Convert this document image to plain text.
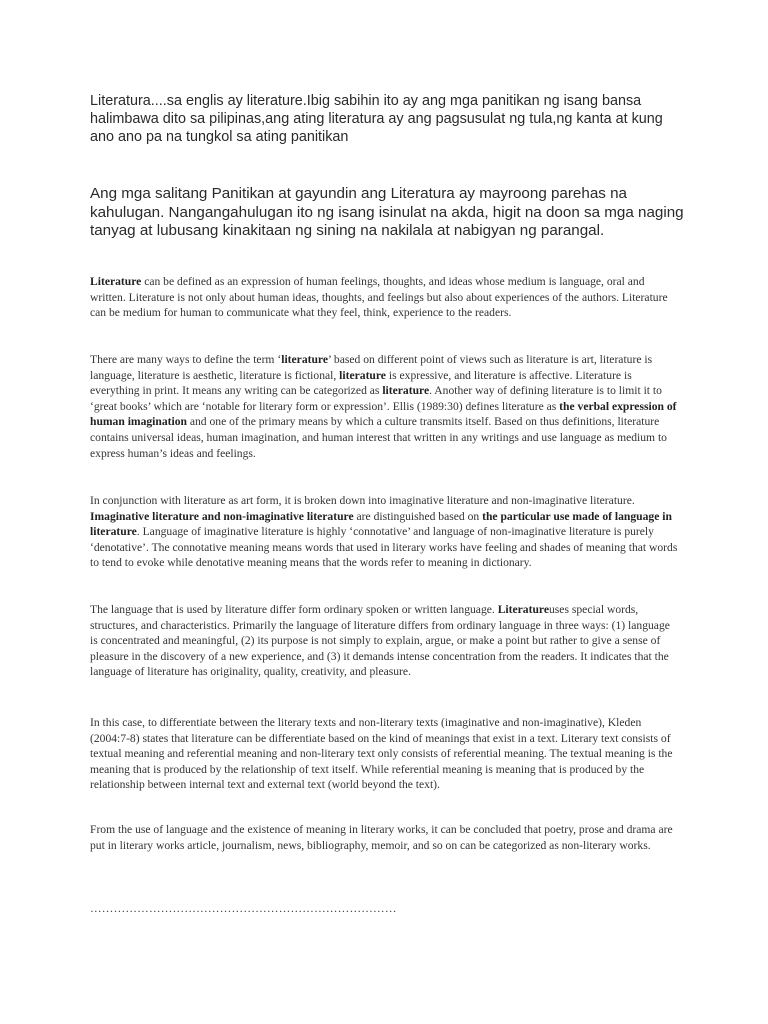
Literatura....sa englis ay literature.Ibig sabihin ito ay ang mga panitikan ng isang bansa halimbawa dito sa pilipinas,ang ating literatura ay ang pagsusulat ng tula,ng kanta at kung ano ano pa na tungkol sa ating panitikan

Ang mga salitang Panitikan at gayundin ang Literatura ay mayroong parehas na kahulugan. Nangangahulugan ito ng isang isinulat na akda, higit na doon sa mga naging tanyag at lubusang kinakitaan ng sining na nakilala at nabigyan ng parangal.

Literature can be defined as an expression of human feelings, thoughts, and ideas whose medium is language, oral and written. Literature is not only about human ideas, thoughts, and feelings but also about experiences of the authors. Literature can be medium for human to communicate what they feel, think, experience to the readers.

There are many ways to define the term ‘literature’ based on different point of views such as literature is art, literature is language, literature is aesthetic, literature is fictional, literature is expressive, and literature is affective. Literature is everything in print. It means any writing can be categorized as literature. Another way of defining literature is to limit it to ‘great books’ which are ‘notable for literary form or expression’. Ellis (1989:30) defines literature as the verbal expression of human imagination and one of the primary means by which a culture transmits itself. Based on thus definitions, literature contains universal ideas, human imagination, and human interest that written in any writings and use language as medium to express human’s ideas and feelings.

In conjunction with literature as art form, it is broken down into imaginative literature and non-imaginative literature. Imaginative literature and non-imaginative literature are distinguished based on the particular use made of language in literature. Language of imaginative literature is highly ‘connotative’ and language of non-imaginative literature is purely ‘denotative’. The connotative meaning means words that used in literary works have feeling and shades of meaning that words to tend to evoke while denotative meaning means that the words refer to meaning in dictionary.

The language that is used by literature differ form ordinary spoken or written language. Literatureuses special words, structures, and characteristics. Primarily the language of literature differs from ordinary language in three ways: (1) language is concentrated and meaningful, (2) its purpose is not simply to explain, argue, or make a point but rather to give a sense of pleasure in the discovery of a new experience, and (3) it demands intense concentration from the readers. It indicates that the language of literature has originality, quality, creativity, and pleasure.

In this case, to differentiate between the literary texts and non-literary texts (imaginative and non-imaginative), Kleden (2004:7-8) states that literature can be differentiate based on the kind of meanings that exist in a text. Literary text consists of textual meaning and referential meaning and non-literary text only consists of referential meaning. The textual meaning is the meaning that is produced by the relationship of text itself. While referential meaning is meaning that is produced by the relationship between internal text and external text (world beyond the text).

From the use of language and the existence of meaning in literary works, it can be concluded that poetry, prose and drama are put in literary works article, journalism, news, bibliography, memoir, and so on can be categorized as non-literary works.

……………………………………………………………………
